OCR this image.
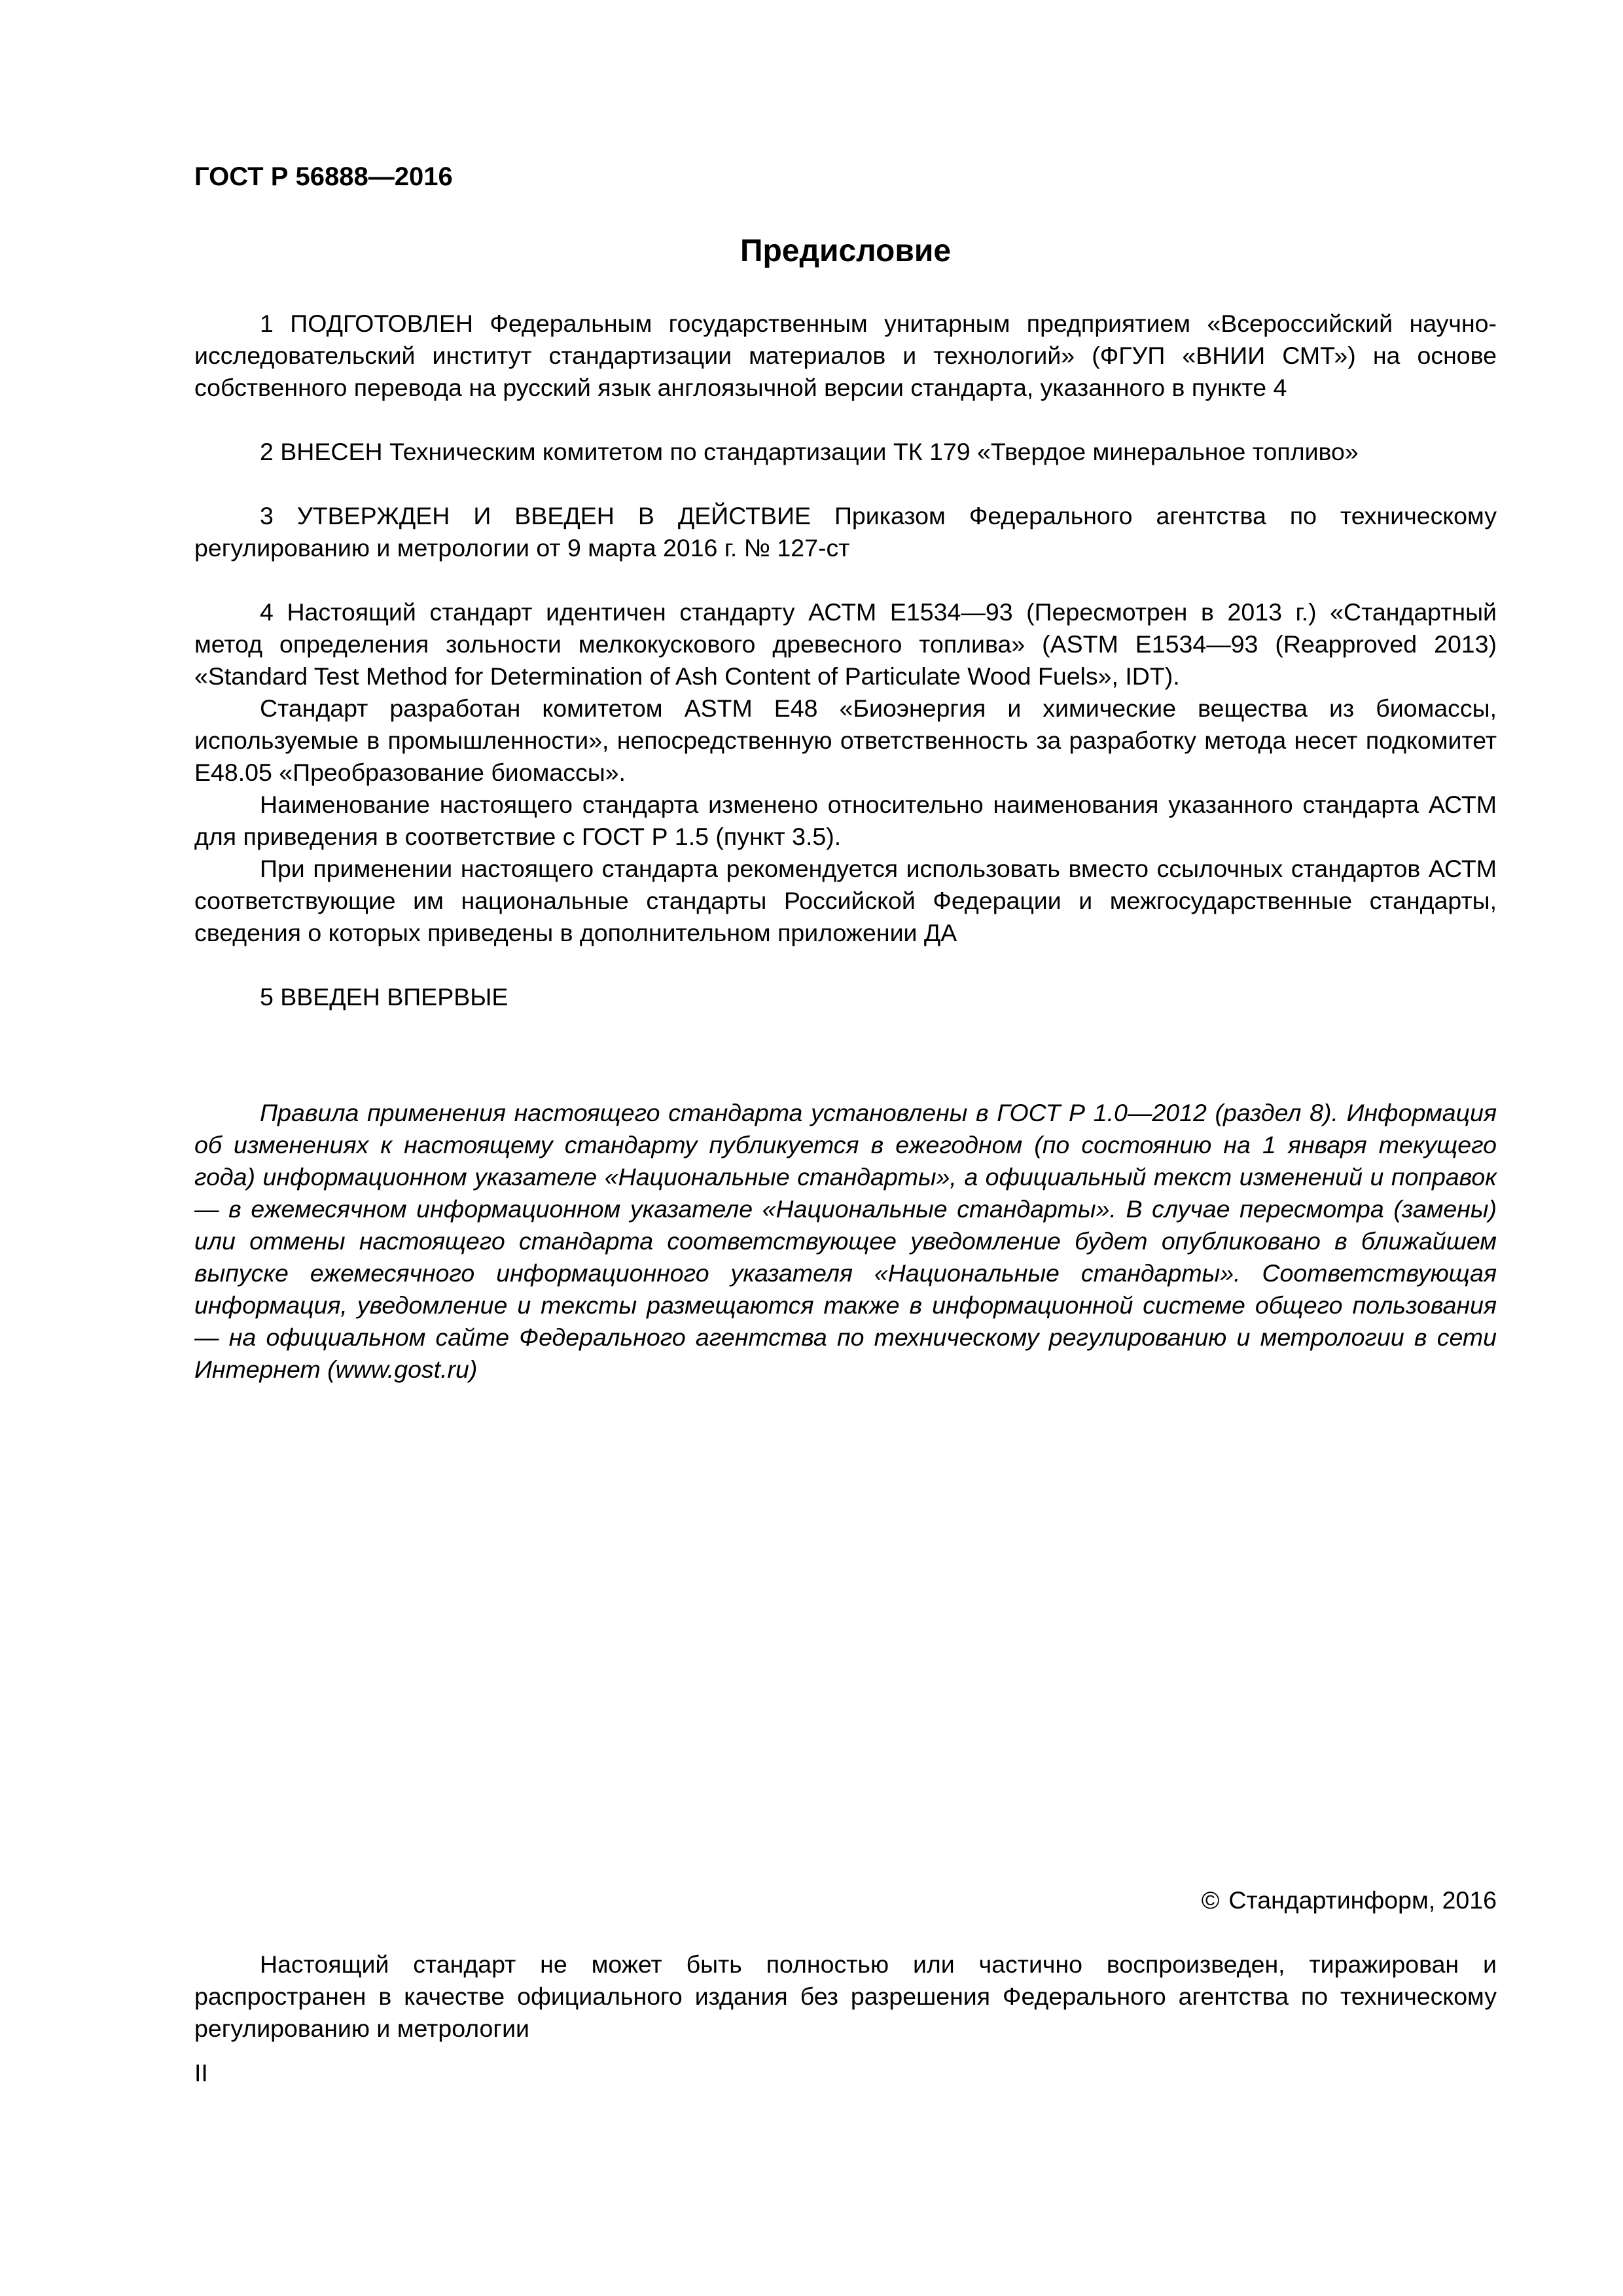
ГОСТ Р 56888—2016
Предисловие

1 ПОДГОТОВЛЕН Федеральным государственным унитарным предприятием «Всероссийский научно-исследовательский институт стандартизации материалов и технологий» (ФГУП «ВНИИ СМТ») на основе собственного перевода на русский язык англоязычной версии стандарта, указанного в пункте 4

2 ВНЕСЕН Техническим комитетом по стандартизации ТК 179 «Твердое минеральное топливо»

3 УТВЕРЖДЕН И ВВЕДЕН В ДЕЙСТВИЕ Приказом Федерального агентства по техническому регулированию и метрологии от 9 марта 2016 г. № 127-ст

4 Настоящий стандарт идентичен стандарту АСТМ Е1534—93 (Пересмотрен в 2013 г.) «Стандартный метод определения зольности мелкокускового древесного топлива» (ASTM E1534—93 (Reapproved 2013) «Standard Test Method for Determination of Ash Content of Particulate Wood Fuels», IDT).

Стандарт разработан комитетом ASTM E48 «Биоэнергия и химические вещества из биомассы, используемые в промышленности», непосредственную ответственность за разработку метода несет подкомитет E48.05 «Преобразование биомассы».

Наименование настоящего стандарта изменено относительно наименования указанного стандарта АСТМ для приведения в соответствие с ГОСТ Р 1.5 (пункт 3.5).

При применении настоящего стандарта рекомендуется использовать вместо ссылочных стандартов АСТМ соответствующие им национальные стандарты Российской Федерации и межгосударственные стандарты, сведения о которых приведены в дополнительном приложении ДА

5 ВВЕДЕН ВПЕРВЫЕ

Правила применения настоящего стандарта установлены в ГОСТ Р 1.0—2012 (раздел 8). Информация об изменениях к настоящему стандарту публикуется в ежегодном (по состоянию на 1 января текущего года) информационном указателе «Национальные стандарты», а официальный текст изменений и поправок — в ежемесячном информационном указателе «Национальные стандарты». В случае пересмотра (замены) или отмены настоящего стандарта соответствующее уведомление будет опубликовано в ближайшем выпуске ежемесячного информационного указателя «Национальные стандарты». Соответствующая информация, уведомление и тексты размещаются также в информационной системе общего пользования — на официальном сайте Федерального агентства по техническому регулированию и метрологии в сети Интернет (www.gost.ru)

© Стандартинформ, 2016

Настоящий стандарт не может быть полностью или частично воспроизведен, тиражирован и распространен в качестве официального издания без разрешения Федерального агентства по техническому регулированию и метрологии

II
